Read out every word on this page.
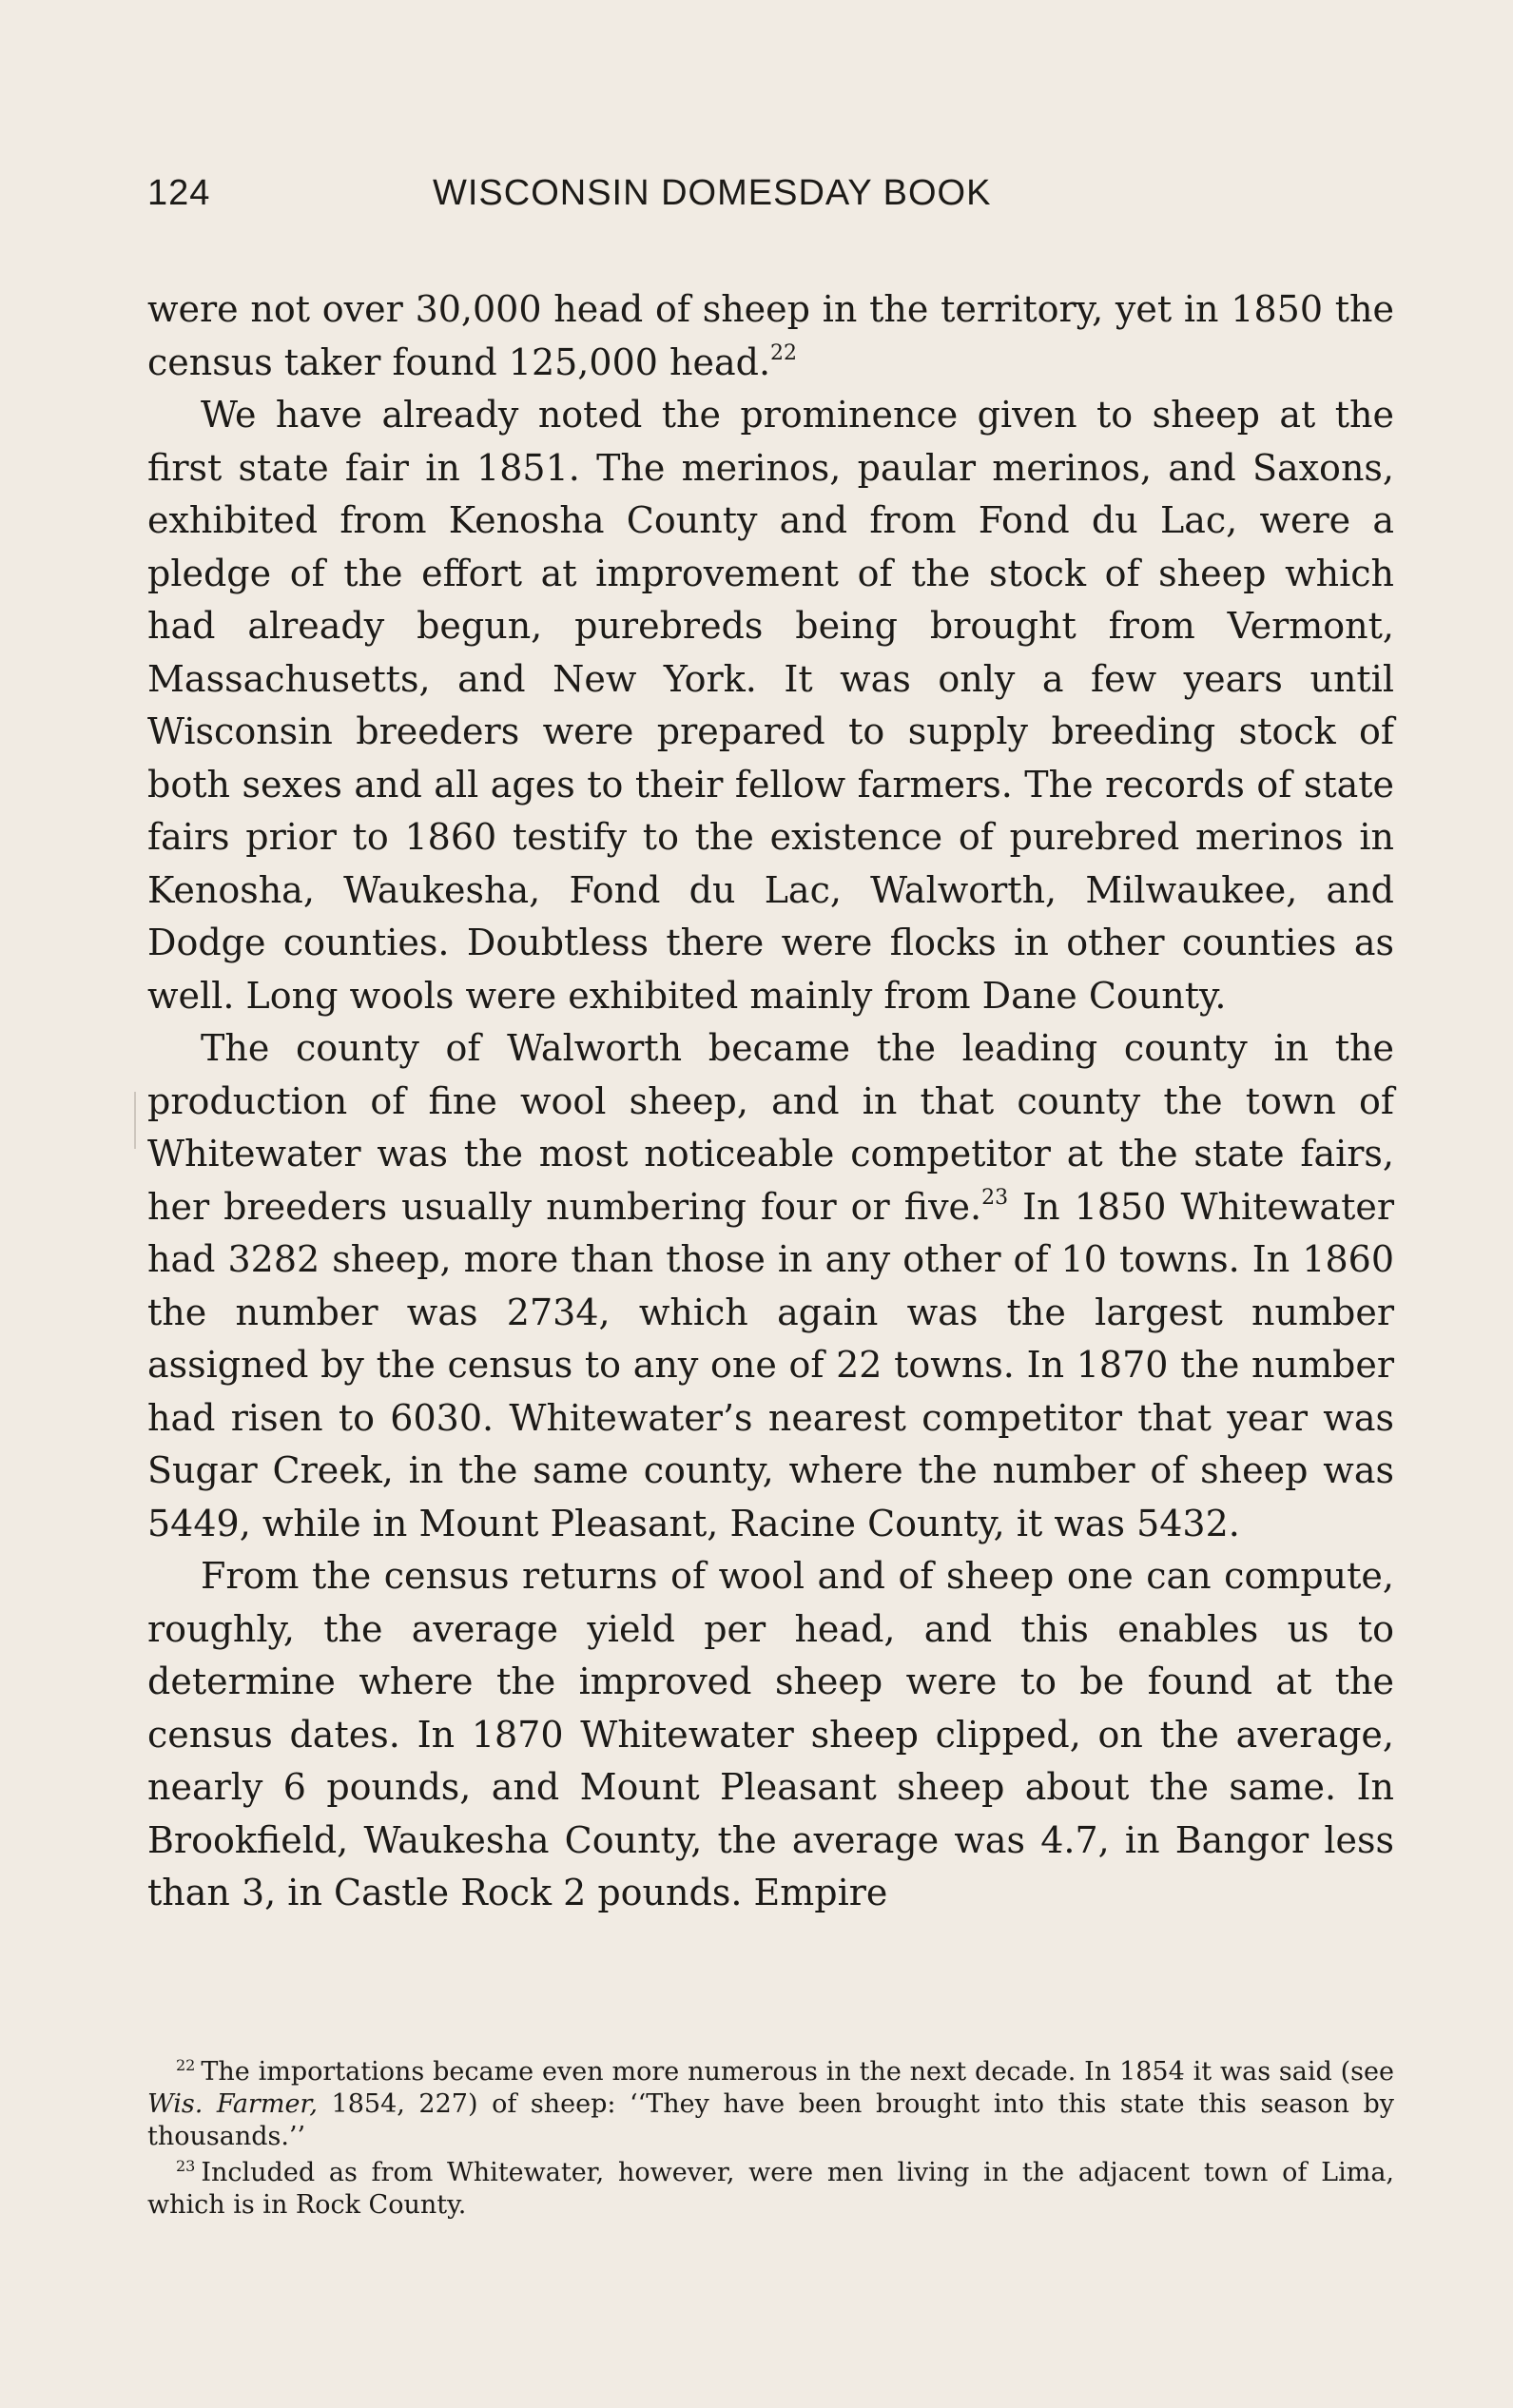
124	WISCONSIN DOMESDAY BOOK

were not over 30,000 head of sheep in the territory, yet in 1850 the census taker found 125,000 head.$^{22}$

We have already noted the prominence given to sheep at the first state fair in 1851. The merinos, paular merinos, and Saxons, exhibited from Kenosha County and from Fond du Lac, were a pledge of the effort at improvement of the stock of sheep which had already begun, purebreds being brought from Vermont, Massachusetts, and New York. It was only a few years until Wisconsin breeders were prepared to supply breeding stock of both sexes and all ages to their fellow farmers. The records of state fairs prior to 1860 testify to the existence of purebred merinos in Kenosha, Waukesha, Fond du Lac, Walworth, Milwaukee, and Dodge counties. Doubtless there were flocks in other counties as well. Long wools were exhibited mainly from Dane County.

The county of Walworth became the leading county in the production of fine wool sheep, and in that county the town of Whitewater was the most noticeable competitor at the state fairs, her breeders usually numbering four or five.$^{23}$ In 1850 Whitewater had 3282 sheep, more than those in any other of 10 towns. In 1860 the number was 2734, which again was the largest number assigned by the census to any one of 22 towns. In 1870 the number had risen to 6030. Whitewater’s nearest competitor that year was Sugar Creek, in the same county, where the number of sheep was 5449, while in Mount Pleasant, Racine County, it was 5432.

From the census returns of wool and of sheep one can compute, roughly, the average yield per head, and this enables us to determine where the improved sheep were to be found at the census dates. In 1870 Whitewater sheep clipped, on the average, nearly 6 pounds, and Mount Pleasant sheep about the same. In Brookfield, Waukesha County, the average was 4.7, in Bangor less than 3, in Castle Rock 2 pounds. Empire

$^{22}$ The importations became even more numerous in the next decade. In 1854 it was said (see Wis. Farmer, 1854, 227) of sheep: ‘‘They have been brought into this state this season by thousands.’’

$^{23}$ Included as from Whitewater, however, were men living in the adjacent town of Lima, which is in Rock County.
